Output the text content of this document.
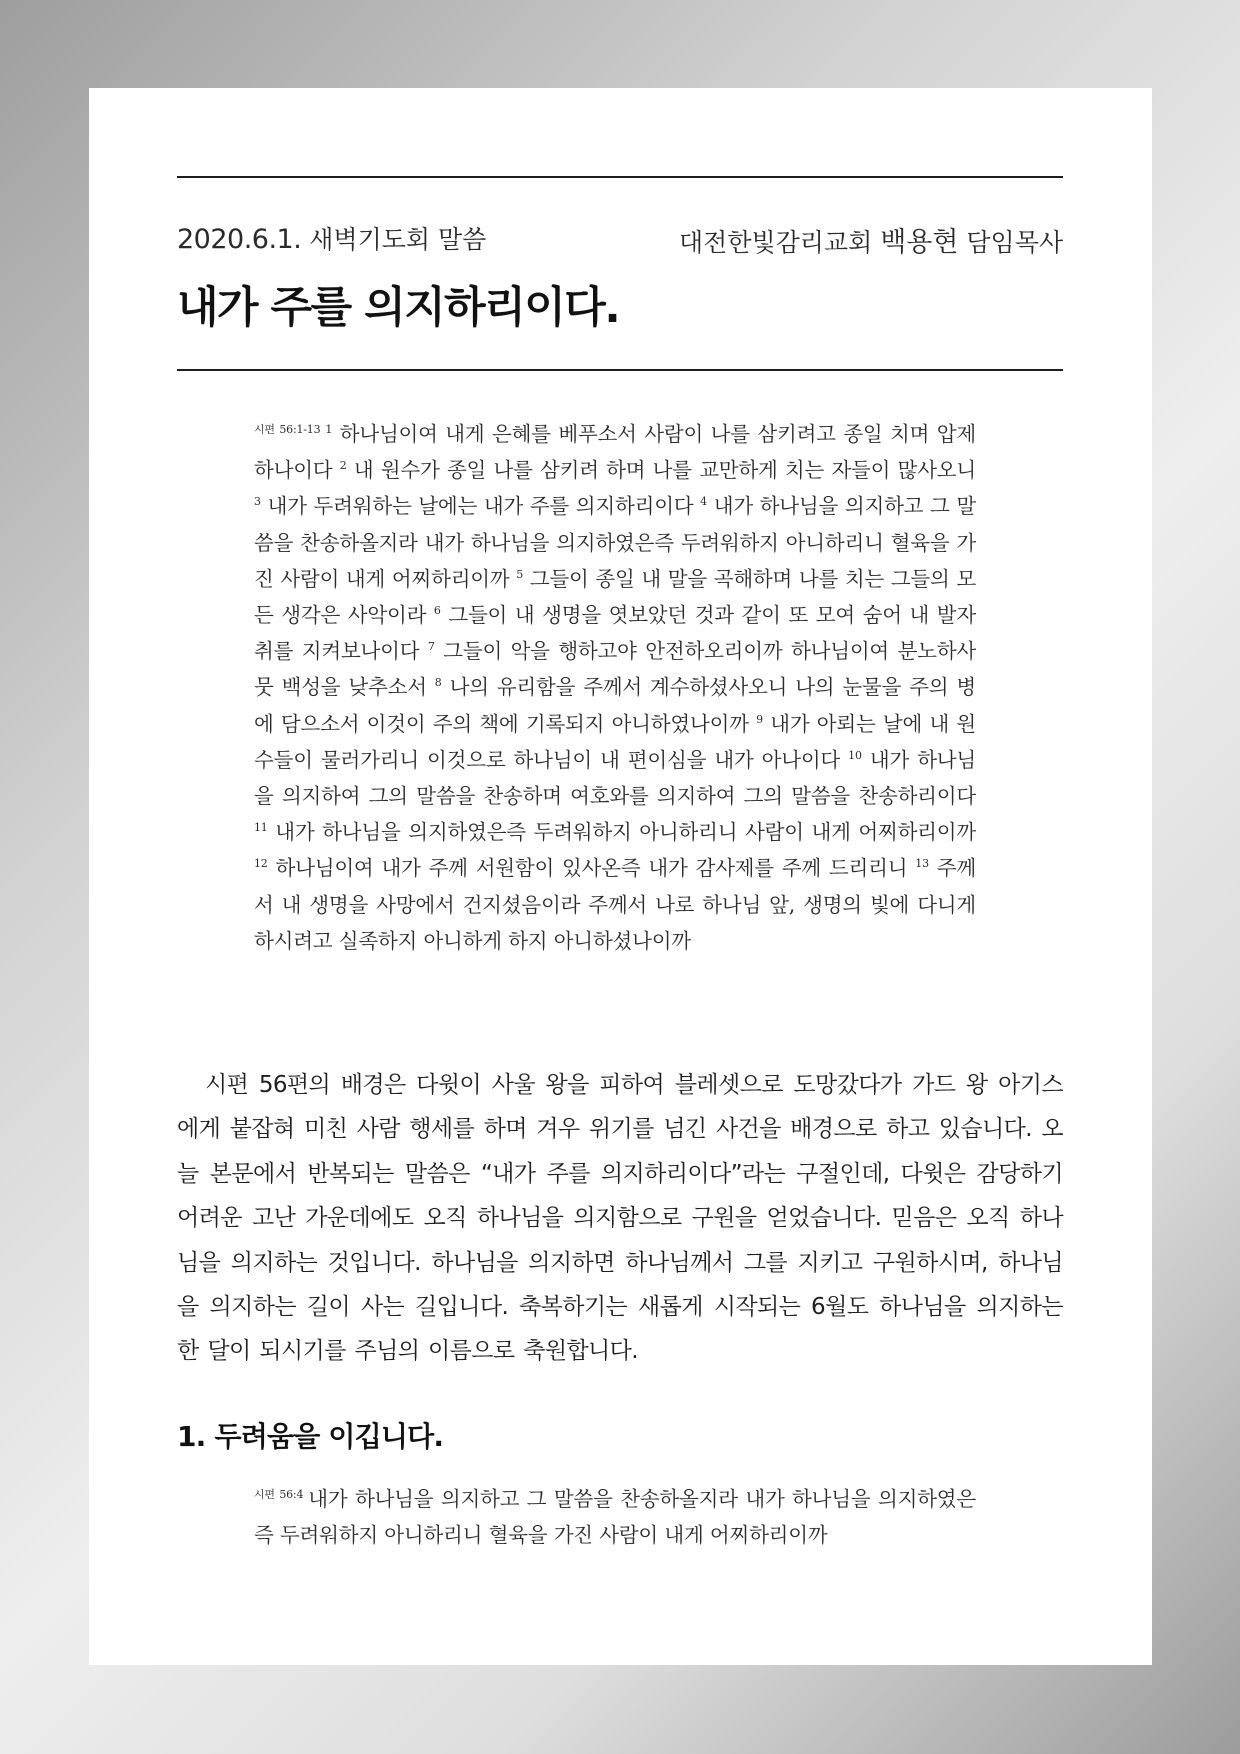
2020.6.1. 새벽기도회 말씀	대전한빛감리교회 백용현 담임목사
내가 주를 의지하리이다.

$^{시편 56:1-13}$ $^1$ 하나님이여 내게 은혜를 베푸소서 사람이 나를 삼키려고 종일 치며 압제하나이다 $^2$ 내 원수가 종일 나를 삼키려 하며 나를 교만하게 치는 자들이 많사오니 $^3$ 내가 두려워하는 날에는 내가 주를 의지하리이다 $^4$ 내가 하나님을 의지하고 그 말씀을 찬송하올지라 내가 하나님을 의지하였은즉 두려워하지 아니하리니 혈육을 가진 사람이 내게 어찌하리이까 $^5$ 그들이 종일 내 말을 곡해하며 나를 치는 그들의 모든 생각은 사악이라 $^6$ 그들이 내 생명을 엿보았던 것과 같이 또 모여 숨어 내 발자취를 지켜보나이다 $^7$ 그들이 악을 행하고야 안전하오리이까 하나님이여 분노하사 뭇 백성을 낮추소서 $^8$ 나의 유리함을 주께서 계수하셨사오니 나의 눈물을 주의 병에 담으소서 이것이 주의 책에 기록되지 아니하였나이까 $^9$ 내가 아뢰는 날에 내 원수들이 물러가리니 이것으로 하나님이 내 편이심을 내가 아나이다 $^{10}$ 내가 하나님을 의지하여 그의 말씀을 찬송하며 여호와를 의지하여 그의 말씀을 찬송하리이다 $^{11}$ 내가 하나님을 의지하였은즉 두려워하지 아니하리니 사람이 내게 어찌하리이까 $^{12}$ 하나님이여 내가 주께 서원함이 있사온즉 내가 감사제를 주께 드리리니 $^{13}$ 주께서 내 생명을 사망에서 건지셨음이라 주께서 나로 하나님 앞, 생명의 빛에 다니게 하시려고 실족하지 아니하게 하지 아니하셨나이까

시편 56편의 배경은 다윗이 사울 왕을 피하여 블레셋으로 도망갔다가 가드 왕 아기스에게 붙잡혀 미친 사람 행세를 하며 겨우 위기를 넘긴 사건을 배경으로 하고 있습니다. 오늘 본문에서 반복되는 말씀은 “내가 주를 의지하리이다”라는 구절인데, 다윗은 감당하기 어려운 고난 가운데에도 오직 하나님을 의지함으로 구원을 얻었습니다. 믿음은 오직 하나님을 의지하는 것입니다. 하나님을 의지하면 하나님께서 그를 지키고 구원하시며, 하나님을 의지하는 길이 사는 길입니다. 축복하기는 새롭게 시작되는 6월도 하나님을 의지하는 한 달이 되시기를 주님의 이름으로 축원합니다.

1. 두려움을 이깁니다.

$^{시편 56:4}$ 내가 하나님을 의지하고 그 말씀을 찬송하올지라 내가 하나님을 의지하였은즉 두려워하지 아니하리니 혈육을 가진 사람이 내게 어찌하리이까
